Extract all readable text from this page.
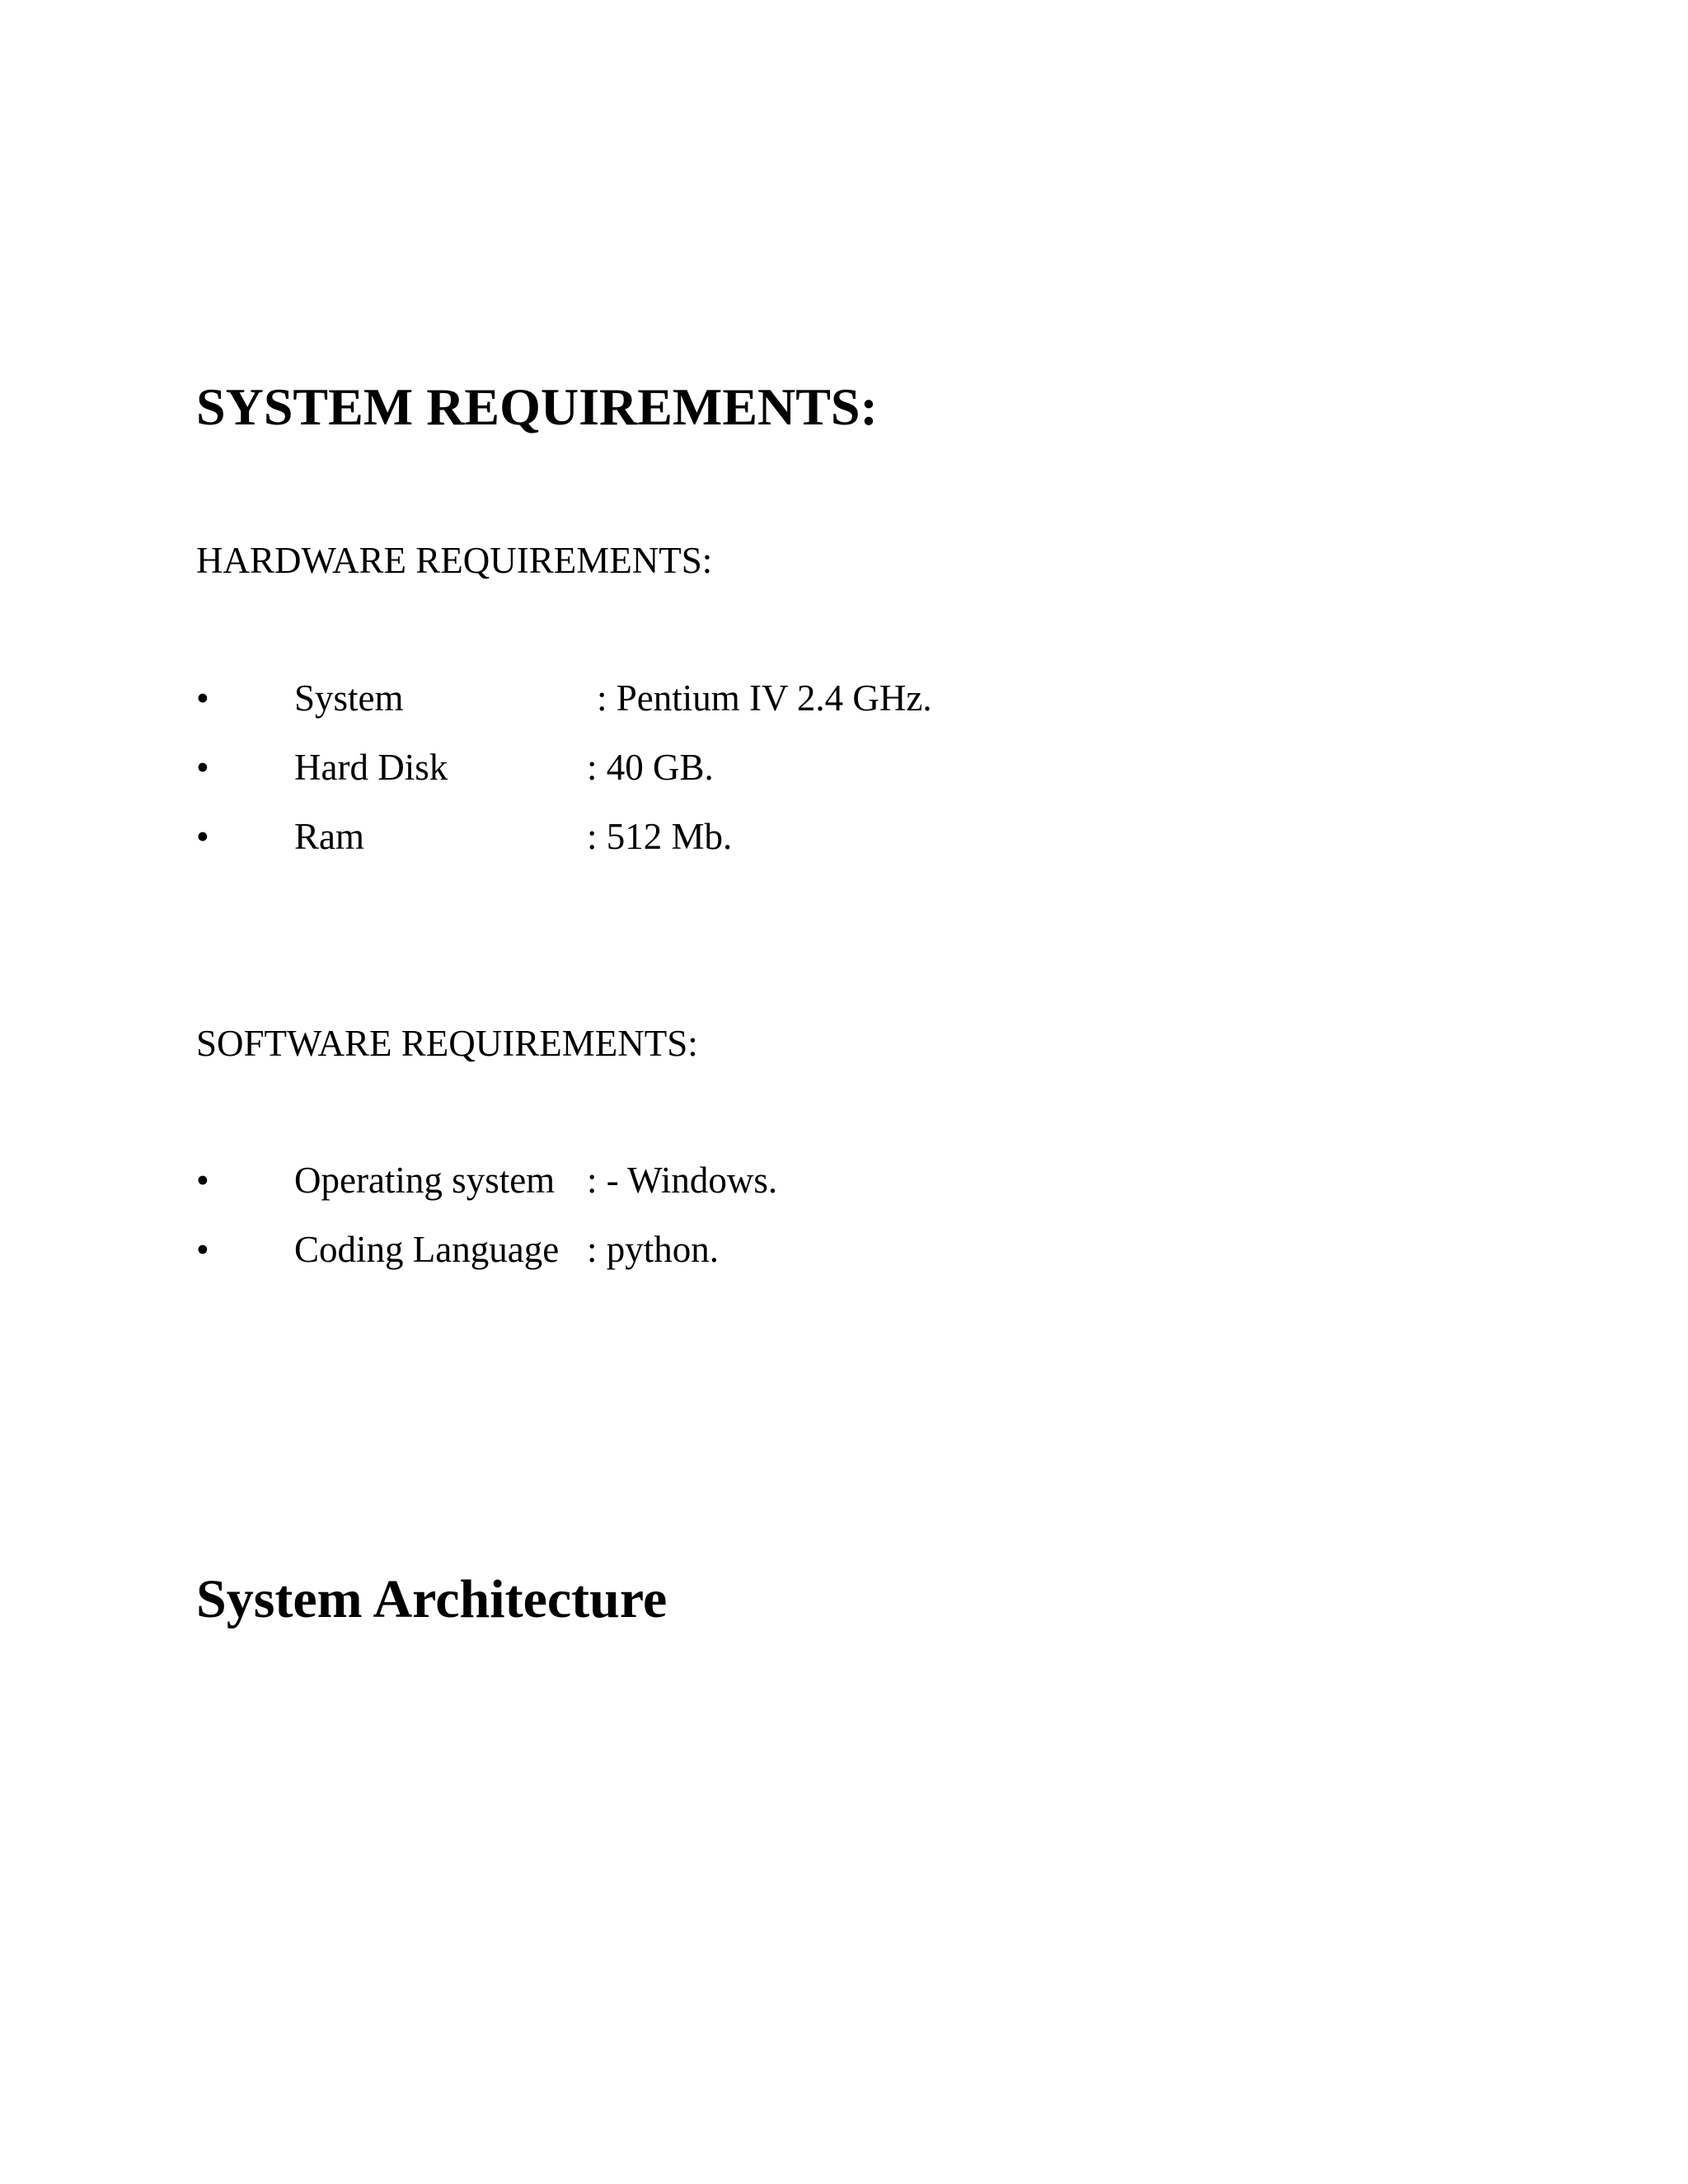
SYSTEM REQUIREMENTS:
HARDWARE REQUIREMENTS:
• System	: Pentium IV 2.4 GHz.
• Hard Disk	: 40 GB.
• Ram	: 512 Mb.
SOFTWARE REQUIREMENTS:
• Operating system : - Windows.
• Coding Language : python.
System Architecture
